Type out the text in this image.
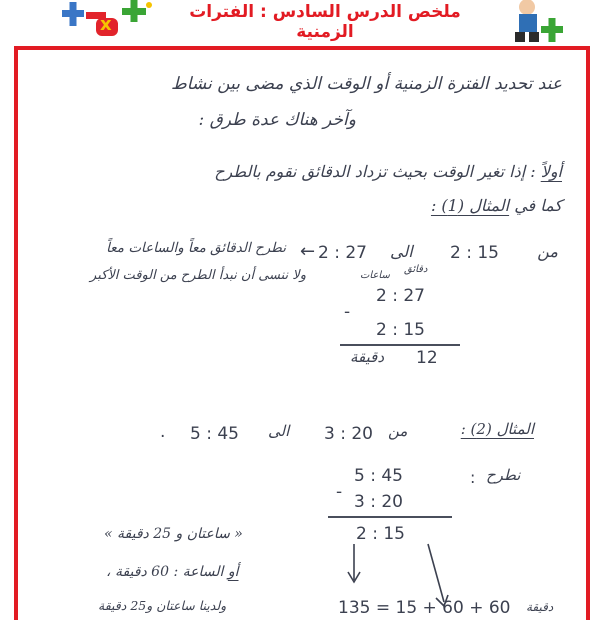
x
ملخص الدرس السادس : الفترات الزمنية
عند تحديد الفترة الزمنية أو الوقت الذي مضى بين نشاط
وآخر هناك عدة طرق :
أولاً : إذا تغير الوقت بحيث تزداد الدقائق نقوم بالطرح
كما في المثال (1) :
من
2 : 15
الى
2 : 27
←
نطرح الدقائق معاً والساعات معاً
ولا ننسى أن نبدأ الطرح من الوقت الأكبر	دقائق
ساعات
2 : 27
-
2 : 15
12
دقيقة
المثال (2) :
من
3 : 20
الى
5 : 45
.
نطرح
:
5 : 45
- 3 : 20
2 : 15
« ساعتان و 25 دقيقة »
أو الساعة : 60 دقيقة ،
ولدينا ساعتان و25 دقيقة	135 = 15 + 60 + 60 دقيقة
